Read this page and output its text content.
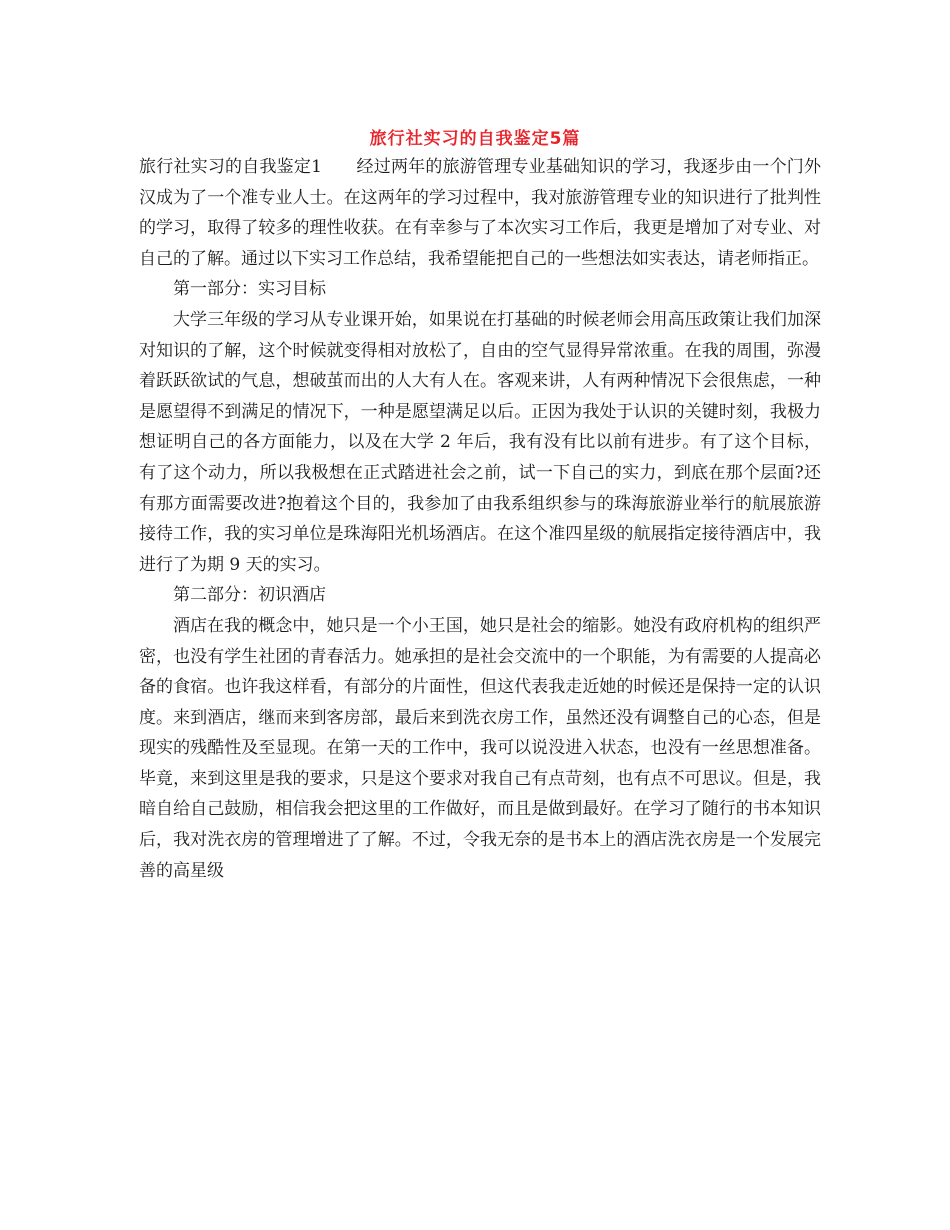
旅行社实习的自我鉴定5篇

旅行社实习的自我鉴定1　　经过两年的旅游管理专业基础知识的学习，我逐步由一个门外汉成为了一个准专业人士。在这两年的学习过程中，我对旅游管理专业的知识进行了批判性的学习，取得了较多的理性收获。在有幸参与了本次实习工作后，我更是增加了对专业、对自己的了解。通过以下实习工作总结，我希望能把自己的一些想法如实表达，请老师指正。

第一部分：实习目标

大学三年级的学习从专业课开始，如果说在打基础的时候老师会用高压政策让我们加深对知识的了解，这个时候就变得相对放松了，自由的空气显得异常浓重。在我的周围，弥漫着跃跃欲试的气息，想破茧而出的人大有人在。客观来讲，人有两种情况下会很焦虑，一种是愿望得不到满足的情况下，一种是愿望满足以后。正因为我处于认识的关键时刻，我极力想证明自己的各方面能力，以及在大学 2 年后，我有没有比以前有进步。有了这个目标，有了这个动力，所以我极想在正式踏进社会之前，试一下自己的实力，到底在那个层面?还有那方面需要改进?抱着这个目的，我参加了由我系组织参与的珠海旅游业举行的航展旅游接待工作，我的实习单位是珠海阳光机场酒店。在这个准四星级的航展指定接待酒店中，我进行了为期 9 天的实习。

第二部分：初识酒店

酒店在我的概念中，她只是一个小王国，她只是社会的缩影。她没有政府机构的组织严密，也没有学生社团的青春活力。她承担的是社会交流中的一个职能，为有需要的人提高必备的食宿。也许我这样看，有部分的片面性，但这代表我走近她的时候还是保持一定的认识度。来到酒店，继而来到客房部，最后来到洗衣房工作，虽然还没有调整自己的心态，但是现实的残酷性及至显现。在第一天的工作中，我可以说没进入状态，也没有一丝思想准备。毕竟，来到这里是我的要求，只是这个要求对我自己有点苛刻，也有点不可思议。但是，我暗自给自己鼓励，相信我会把这里的工作做好，而且是做到最好。在学习了随行的书本知识后，我对洗衣房的管理增进了了解。不过，令我无奈的是书本上的酒店洗衣房是一个发展完善的高星级
